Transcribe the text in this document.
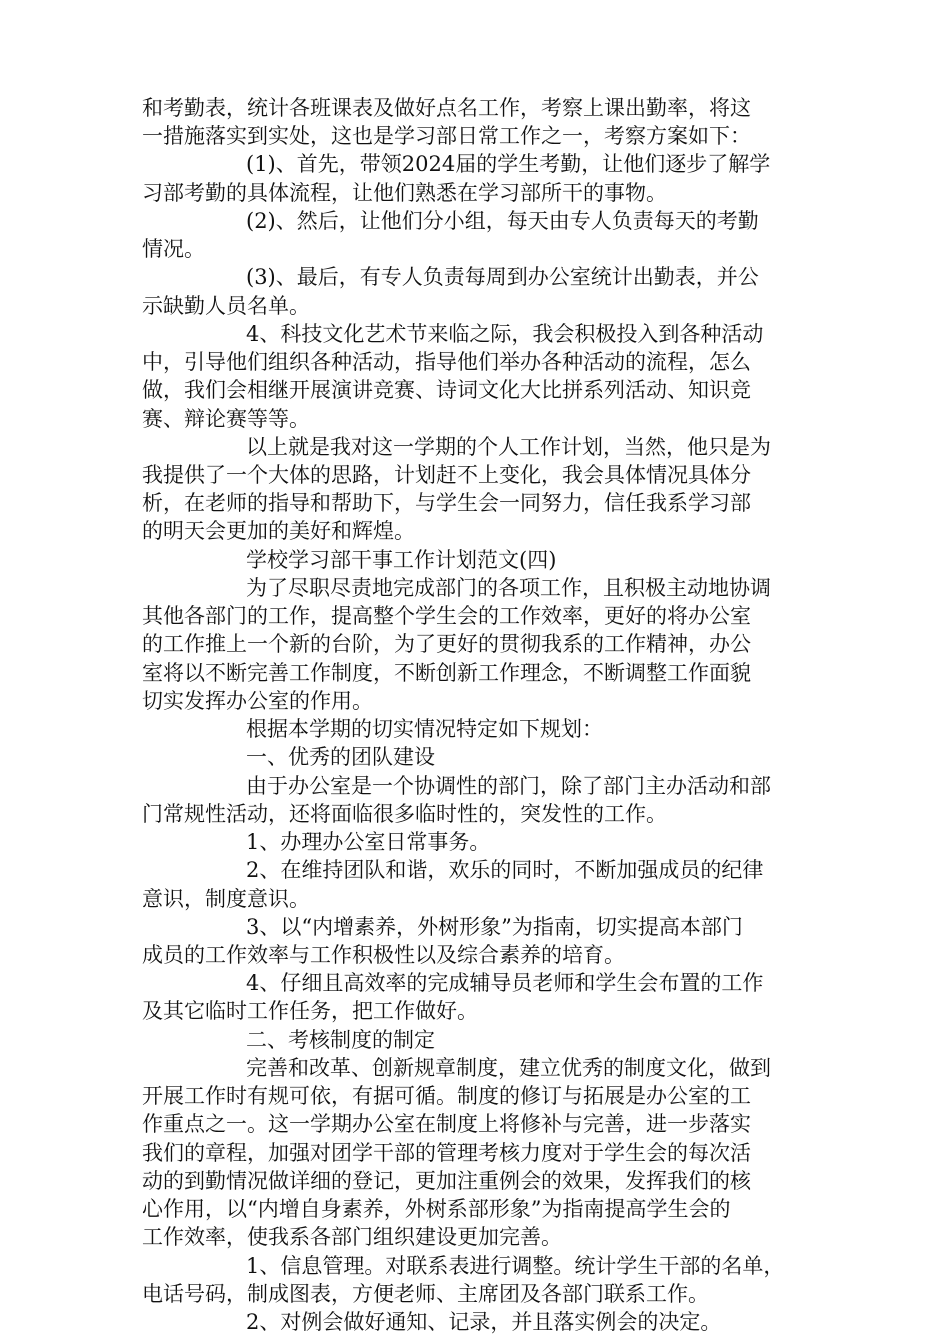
和考勤表，统计各班课表及做好点名工作，考察上课出勤率，将这
一措施落实到实处，这也是学习部日常工作之一，考察方案如下：
(1)、首先，带领2024届的学生考勤，让他们逐步了解学
习部考勤的具体流程，让他们熟悉在学习部所干的事物。
(2)、然后，让他们分小组，每天由专人负责每天的考勤
情况。
(3)、最后，有专人负责每周到办公室统计出勤表，并公
示缺勤人员名单。
4、科技文化艺术节来临之际，我会积极投入到各种活动
中，引导他们组织各种活动，指导他们举办各种活动的流程，怎么
做，我们会相继开展演讲竞赛、诗词文化大比拼系列活动、知识竞
赛、辩论赛等等。
以上就是我对这一学期的个人工作计划，当然，他只是为
我提供了一个大体的思路，计划赶不上变化，我会具体情况具体分
析，在老师的指导和帮助下，与学生会一同努力，信任我系学习部
的明天会更加的美好和辉煌。
学校学习部干事工作计划范文(四)
为了尽职尽责地完成部门的各项工作，且积极主动地协调
其他各部门的工作，提高整个学生会的工作效率，更好的将办公室
的工作推上一个新的台阶，为了更好的贯彻我系的工作精神，办公
室将以不断完善工作制度，不断创新工作理念，不断调整工作面貌
切实发挥办公室的作用。
根据本学期的切实情况特定如下规划：
一、优秀的团队建设
由于办公室是一个协调性的部门，除了部门主办活动和部
门常规性活动，还将面临很多临时性的，突发性的工作。
1、办理办公室日常事务。
2、在维持团队和谐，欢乐的同时，不断加强成员的纪律
意识，制度意识。
3、以“内增素养，外树形象”为指南，切实提高本部门
成员的工作效率与工作积极性以及综合素养的培育。
4、仔细且高效率的完成辅导员老师和学生会布置的工作
及其它临时工作任务，把工作做好。
二、考核制度的制定
完善和改革、创新规章制度，建立优秀的制度文化，做到
开展工作时有规可依，有据可循。制度的修订与拓展是办公室的工
作重点之一。这一学期办公室在制度上将修补与完善，进一步落实
我们的章程，加强对团学干部的管理考核力度对于学生会的每次活
动的到勤情况做详细的登记，更加注重例会的效果，发挥我们的核
心作用，以“内增自身素养，外树系部形象”为指南提高学生会的
工作效率，使我系各部门组织建设更加完善。
1、信息管理。对联系表进行调整。统计学生干部的名单，
电话号码，制成图表，方便老师、主席团及各部门联系工作。
2、对例会做好通知、记录，并且落实例会的决定。
